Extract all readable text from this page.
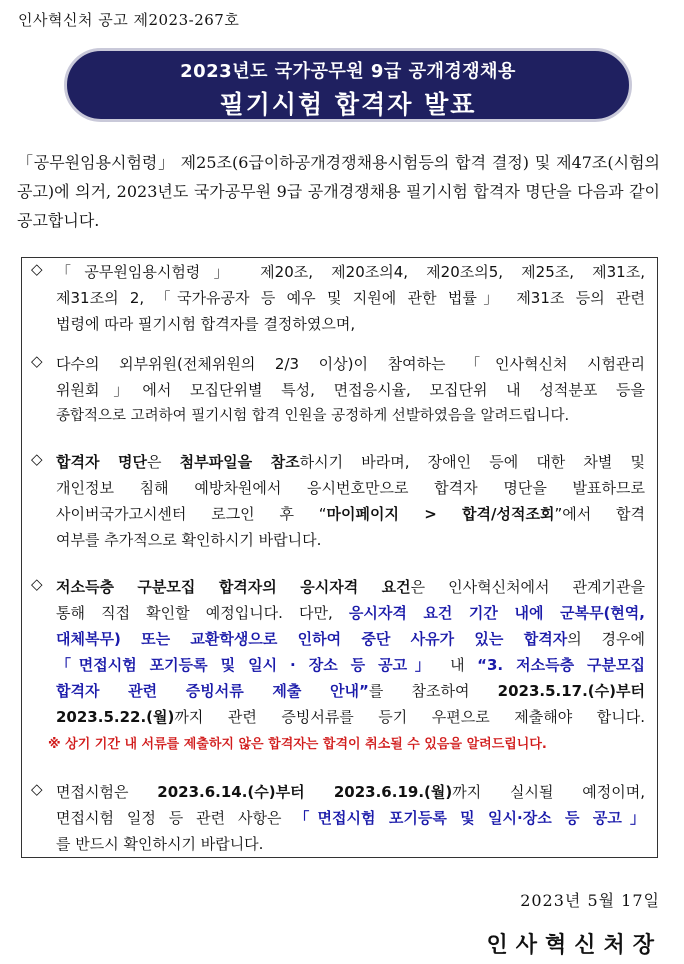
인사혁신처 공고 제2023-267호
2023년도 국가공무원 9급 공개경쟁채용
필기시험 합격자 발표
「공무원임용시험령」 제25조(6급이하공개경쟁채용시험등의 합격 결정) 및 제47조(시험의 공고)에 의거, 2023년도 국가공무원 9급 공개경쟁채용 필기시험 합격자 명단을 다음과 같이 공고합니다.
◇ 「공무원임용시험령」 제20조, 제20조의4, 제20조의5, 제25조, 제31조,
제31조의 2, 「국가유공자 등 예우 및 지원에 관한 법률」 제31조 등의 관련
법령에 따라 필기시험 합격자를 결정하였으며,
◇ 다수의 외부위원(전체위원의 2/3 이상)이 참여하는 「인사혁신처 시험관리
위원회」에서 모집단위별 특성, 면접응시율, 모집단위 내 성적분포 등을
종합적으로 고려하여 필기시험 합격 인원을 공정하게 선발하였음을 알려드립니다.
◇ 합격자 명단은 첨부파일을 참조하시기 바라며, 장애인 등에 대한 차별 및
개인정보 침해 예방차원에서 응시번호만으로 합격자 명단을 발표하므로
사이버국가고시센터 로그인 후 “마이페이지 > 합격/성적조회”에서 합격
여부를 추가적으로 확인하시기 바랍니다.
◇ 저소득층 구분모집 합격자의 응시자격 요건은 인사혁신처에서 관계기관을
통해 직접 확인할 예정입니다. 다만, 응시자격 요건 기간 내에 군복무(현역,
대체복무) 또는 교환학생으로 인하여 중단 사유가 있는 합격자의 경우에
「면접시험 포기등록 및 일시 · 장소 등 공고」 내 “3. 저소득층 구분모집
합격자 관련 증빙서류 제출 안내”를 참조하여 2023.5.17.(수)부터
2023.5.22.(월)까지 관련 증빙서류를 등기 우편으로 제출해야 합니다.
※ 상기 기간 내 서류를 제출하지 않은 합격자는 합격이 취소될 수 있음을 알려드립니다.
◇ 면접시험은 2023.6.14.(수)부터 2023.6.19.(월)까지 실시될 예정이며,
면접시험 일정 등 관련 사항은 「면접시험 포기등록 및 일시·장소 등 공고」
를 반드시 확인하시기 바랍니다.
2023년 5월 17일
인사혁신처장
